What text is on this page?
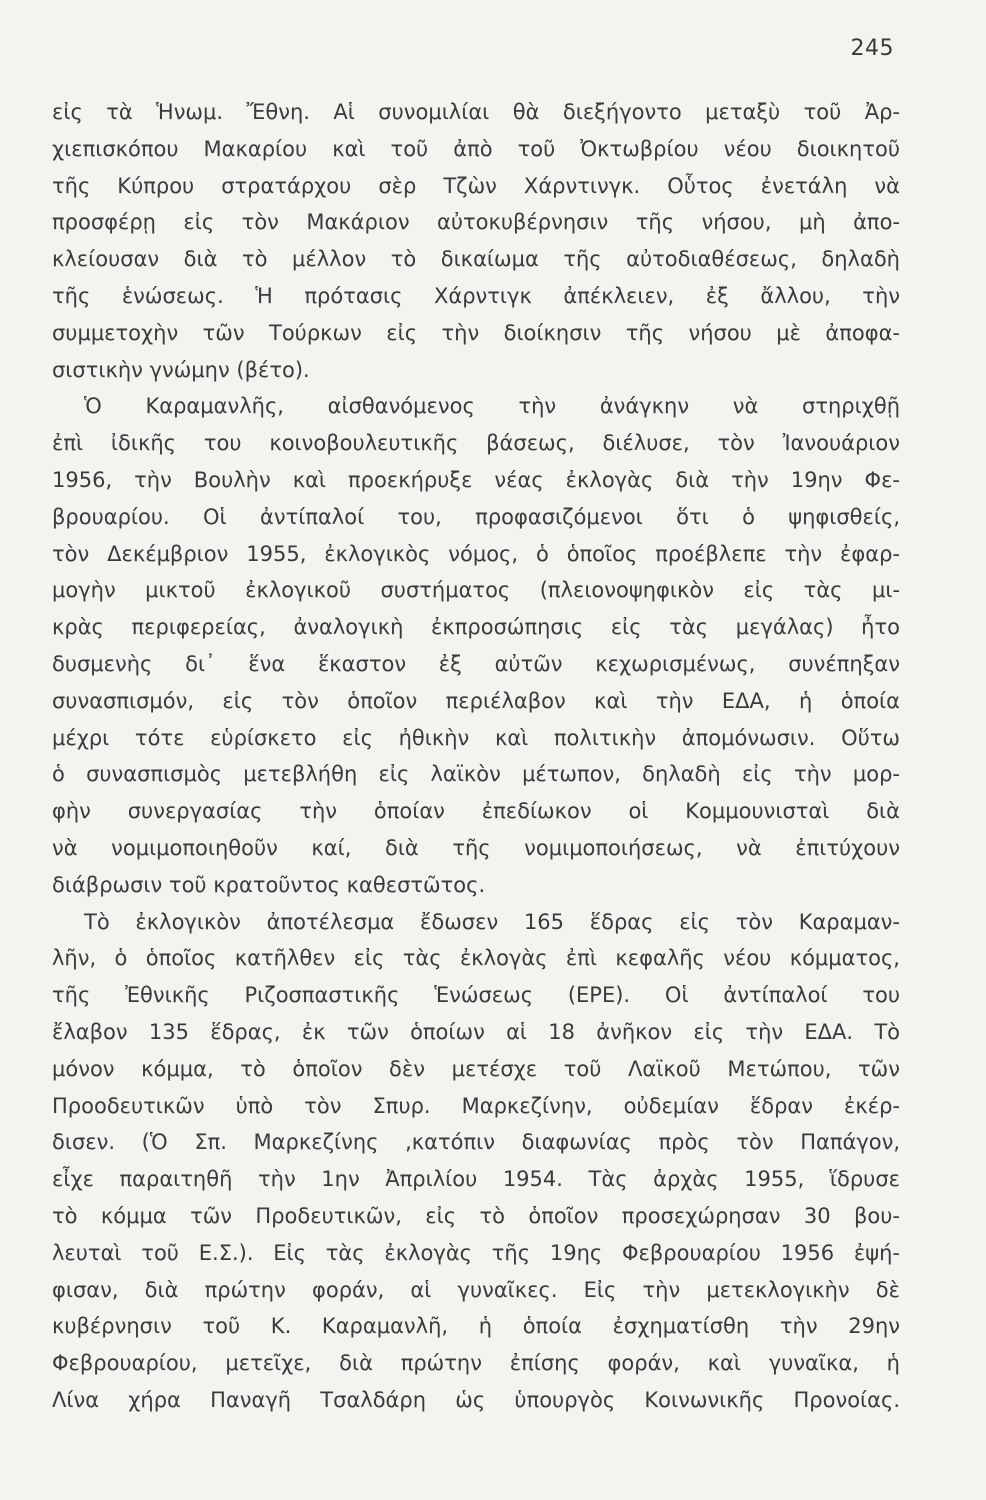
245
εἰς τὰ Ἡνωμ. Ἔθνη. Αἱ συνομιλίαι θὰ διεξήγοντο μεταξὺ τοῦ Ἀρ-
χιεπισκόπου Μακαρίου καὶ τοῦ ἀπὸ τοῦ Ὀκτωβρίου νέου διοικητοῦ
τῆς Κύπρου στρατάρχου σὲρ Τζὼν Χάρντινγκ. Οὗτος ἐνετάλη νὰ
προσφέρῃ εἰς τὸν Μακάριον αὐτοκυβέρνησιν τῆς νήσου, μὴ ἀπο-
κλείουσαν διὰ τὸ μέλλον τὸ δικαίωμα τῆς αὐτοδιαθέσεως, δηλαδὴ
τῆς ἑνώσεως. Ἡ πρότασις Χάρντιγκ ἀπέκλειεν, ἐξ ἄλλου, τὴν
συμμετοχὴν τῶν Τούρκων εἰς τὴν διοίκησιν τῆς νήσου μὲ ἀποφα-
σιστικὴν γνώμην (βέτο).
Ὁ Καραμανλῆς, αἰσθανόμενος τὴν ἀνάγκην νὰ στηριχθῇ
ἐπὶ ἰδικῆς του κοινοβουλευτικῆς βάσεως, διέλυσε, τὸν Ἰανουάριον
1956, τὴν Βουλὴν καὶ προεκήρυξε νέας ἐκλογὰς διὰ τὴν 19ην Φε-
βρουαρίου. Οἱ ἀντίπαλοί του, προφασιζόμενοι ὅτι ὁ ψηφισθείς,
τὸν Δεκέμβριον 1955, ἐκλογικὸς νόμος, ὁ ὁποῖος προέβλεπε τὴν ἐφαρ-
μογὴν μικτοῦ ἐκλογικοῦ συστήματος (πλειονοψηφικὸν εἰς τὰς μι-
κρὰς περιφερείας, ἀναλογικὴ ἐκπροσώπησις εἰς τὰς μεγάλας) ἦτο
δυσμενὴς δι᾽ ἕνα ἕκαστον ἐξ αὐτῶν κεχωρισμένως, συνέπηξαν
συνασπισμόν, εἰς τὸν ὁποῖον περιέλαβον καὶ τὴν ΕΔΑ, ἡ ὁποία
μέχρι τότε εὑρίσκετο εἰς ἠθικὴν καὶ πολιτικὴν ἀπομόνωσιν. Οὕτω
ὁ συνασπισμὸς μετεβλήθη εἰς λαϊκὸν μέτωπον, δηλαδὴ εἰς τὴν μορ-
φὴν συνεργασίας τὴν ὁποίαν ἐπεδίωκον οἱ Κομμουνισταὶ διὰ
νὰ νομιμοποιηθοῦν καί, διὰ τῆς νομιμοποιήσεως, νὰ ἐπιτύχουν
διάβρωσιν τοῦ κρατοῦντος καθεστῶτος.
Τὸ ἐκλογικὸν ἀποτέλεσμα ἔδωσεν 165 ἕδρας εἰς τὸν Καραμαν-
λῆν, ὁ ὁποῖος κατῆλθεν εἰς τὰς ἐκλογὰς ἐπὶ κεφαλῆς νέου κόμματος,
τῆς Ἐθνικῆς Ριζοσπαστικῆς Ἑνώσεως (ΕΡΕ). Οἱ ἀντίπαλοί του
ἔλαβον 135 ἕδρας, ἐκ τῶν ὁποίων αἱ 18 ἀνῆκον εἰς τὴν ΕΔΑ. Τὸ
μόνον κόμμα, τὸ ὁποῖον δὲν μετέσχε τοῦ Λαϊκοῦ Μετώπου, τῶν
Προοδευτικῶν ὑπὸ τὸν Σπυρ. Μαρκεζίνην, οὐδεμίαν ἕδραν ἐκέρ-
δισεν. (Ὁ Σπ. Μαρκεζίνης ,κατόπιν διαφωνίας πρὸς τὸν Παπάγον,
εἶχε παραιτηθῆ τὴν 1ην Ἀπριλίου 1954. Τὰς ἀρχὰς 1955, ἵδρυσε
τὸ κόμμα τῶν Προδευτικῶν, εἰς τὸ ὁποῖον προσεχώρησαν 30 βου-
λευταὶ τοῦ Ε.Σ.). Εἰς τὰς ἐκλογὰς τῆς 19ης Φεβρουαρίου 1956 ἐψή-
φισαν, διὰ πρώτην φοράν, αἱ γυναῖκες. Εἰς τὴν μετεκλογικὴν δὲ
κυβέρνησιν τοῦ Κ. Καραμανλῆ, ἡ ὁποία ἐσχηματίσθη τὴν 29ην
Φεβρουαρίου, μετεῖχε, διὰ πρώτην ἐπίσης φοράν, καὶ γυναῖκα, ἡ
Λίνα χήρα Παναγῆ Τσαλδάρη ὡς ὑπουργὸς Κοινωνικῆς Προνοίας.
